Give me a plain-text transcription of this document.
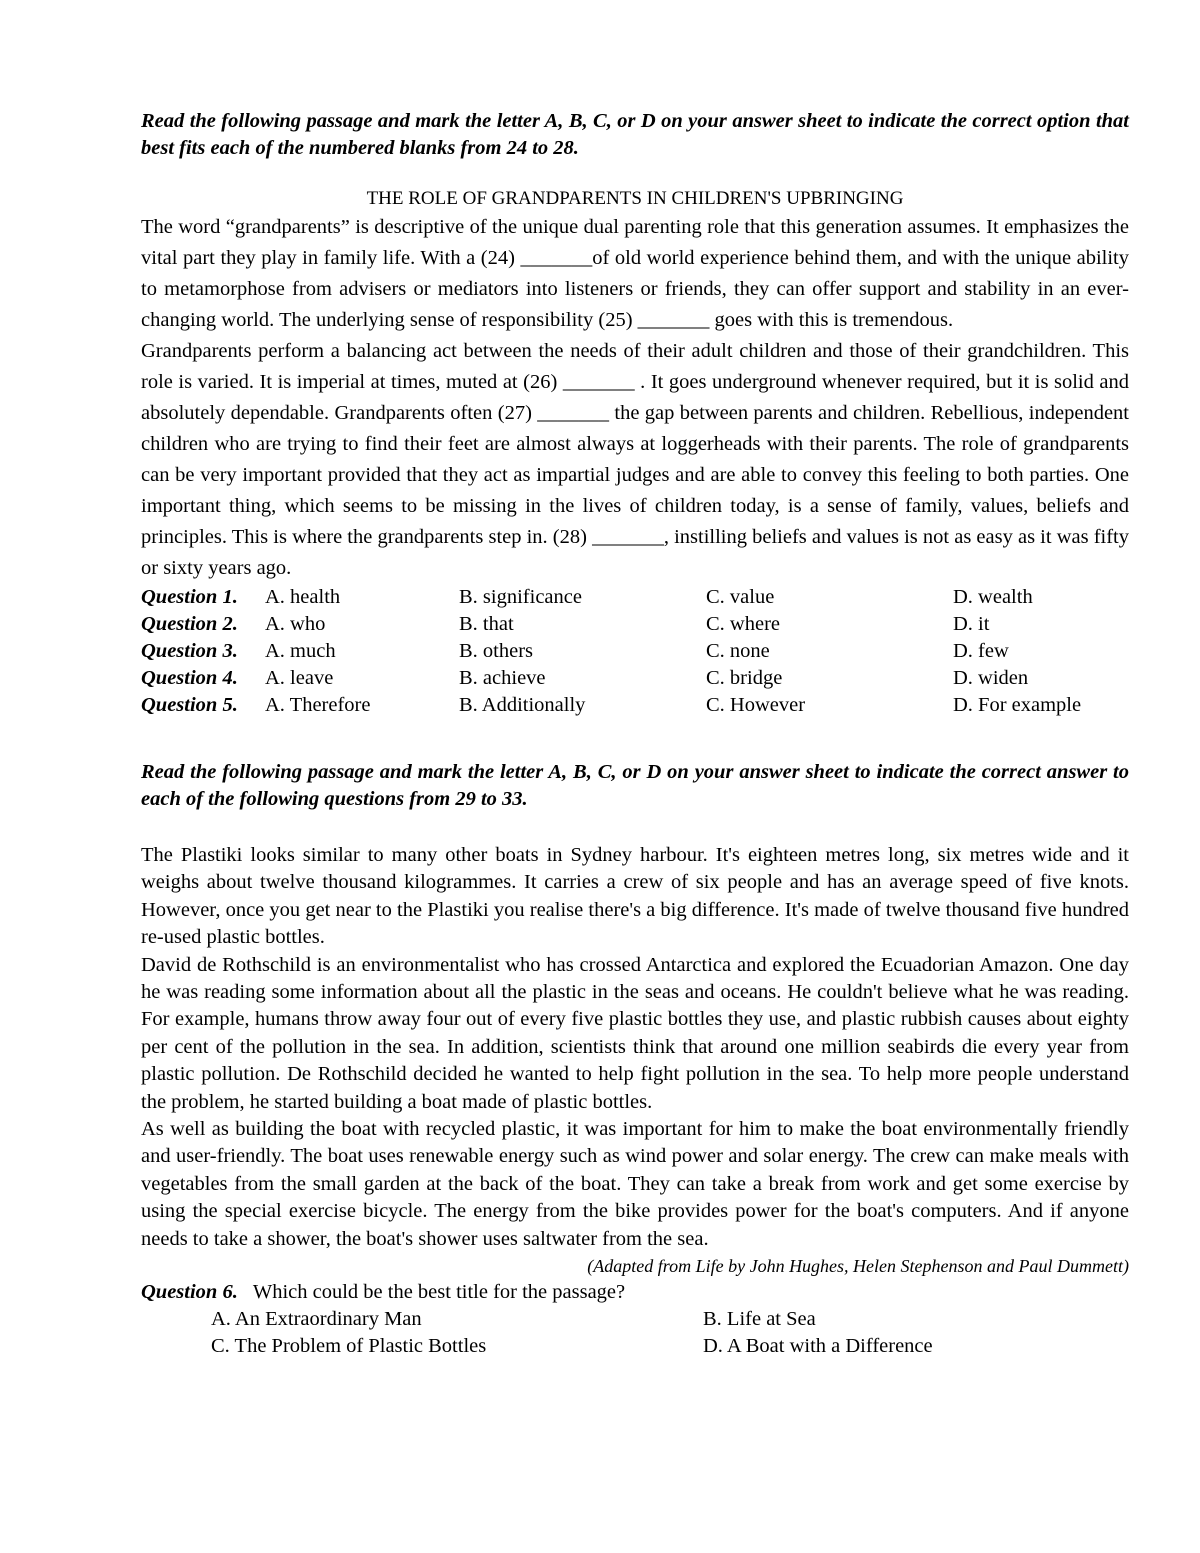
Read the following passage and mark the letter A, B, C, or D on your answer sheet to indicate the correct option that best fits each of the numbered blanks from 24 to 28.
THE ROLE OF GRANDPARENTS IN CHILDREN'S UPBRINGING

The word “grandparents” is descriptive of the unique dual parenting role that this generation assumes. It emphasizes the vital part they play in family life. With a (24) _______of old world experience behind them, and with the unique ability to metamorphose from advisers or mediators into listeners or friends, they can offer support and stability in an ever-changing world. The underlying sense of responsibility (25) _______ goes with this is tremendous.

Grandparents perform a balancing act between the needs of their adult children and those of their grandchildren. This role is varied. It is imperial at times, muted at (26) _______ . It goes underground whenever required, but it is solid and absolutely dependable. Grandparents often (27) _______ the gap between parents and children. Rebellious, independent children who are trying to find their feet are almost always at loggerheads with their parents. The role of grandparents can be very important provided that they act as impartial judges and are able to convey this feeling to both parties. One important thing, which seems to be missing in the lives of children today, is a sense of family, values, beliefs and principles. This is where the grandparents step in. (28) _______, instilling beliefs and values is not as easy as it was fifty or sixty years ago.

Question 1.	A. health	B. significance	C. value	D. wealth
Question 2.	A. who	B. that	C. where	D. it
Question 3.	A. much	B. others	C. none	D. few
Question 4.	A. leave	B. achieve	C. bridge	D. widen
Question 5.	A. Therefore	B. Additionally	C. However	D. For example
Read the following passage and mark the letter A, B, C, or D on your answer sheet to indicate the correct answer to each of the following questions from 29 to 33.

The Plastiki looks similar to many other boats in Sydney harbour. It's eighteen metres long, six metres wide and it weighs about twelve thousand kilogrammes. It carries a crew of six people and has an average speed of five knots. However, once you get near to the Plastiki you realise there's a big difference. It's made of twelve thousand five hundred re-used plastic bottles.

David de Rothschild is an environmentalist who has crossed Antarctica and explored the Ecuadorian Amazon. One day he was reading some information about all the plastic in the seas and oceans. He couldn't believe what he was reading. For example, humans throw away four out of every five plastic bottles they use, and plastic rubbish causes about eighty per cent of the pollution in the sea. In addition, scientists think that around one million seabirds die every year from plastic pollution. De Rothschild decided he wanted to help fight pollution in the sea. To help more people understand the problem, he started building a boat made of plastic bottles.

As well as building the boat with recycled plastic, it was important for him to make the boat environmentally friendly and user-friendly. The boat uses renewable energy such as wind power and solar energy. The crew can make meals with vegetables from the small garden at the back of the boat. They can take a break from work and get some exercise by using the special exercise bicycle. The energy from the bike provides power for the boat's computers. And if anyone needs to take a shower, the boat's shower uses saltwater from the sea.

(Adapted from Life by John Hughes, Helen Stephenson and Paul Dummett)
Question 6. Which could be the best title for the passage?
A. An Extraordinary Man	B. Life at Sea
C. The Problem of Plastic Bottles	D. A Boat with a Difference
